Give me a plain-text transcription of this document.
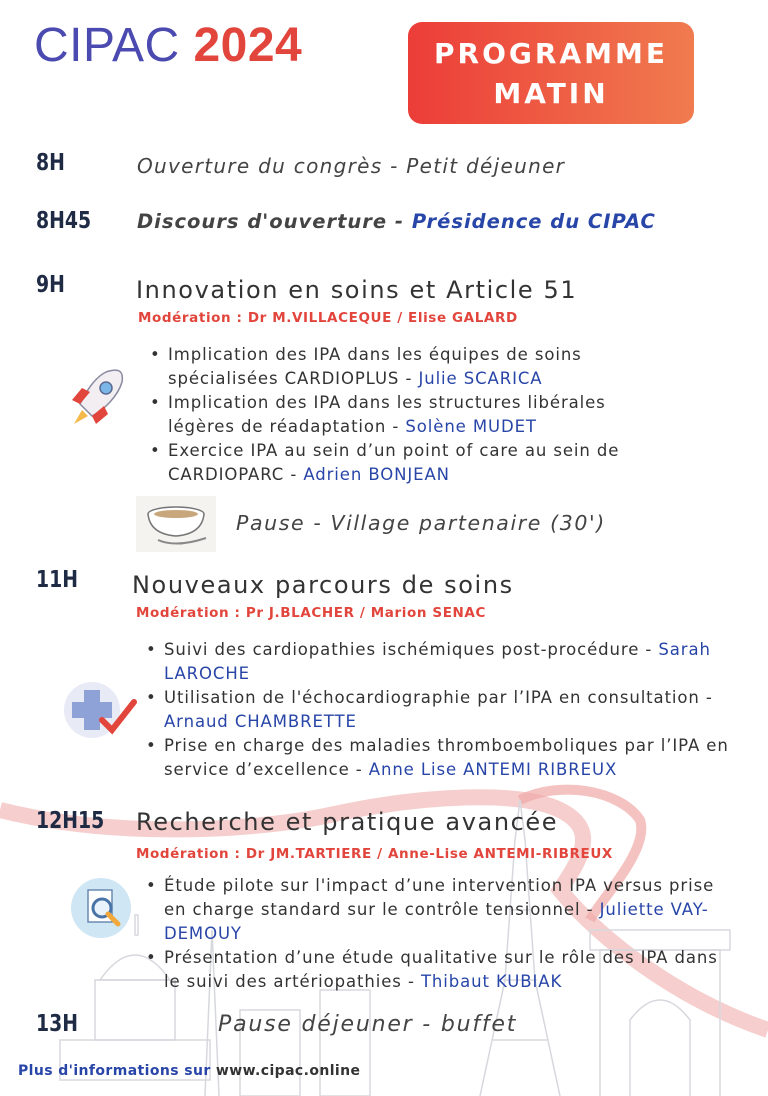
CIPAC 2024	PROGRAMME
MATIN
8H	Ouverture du congrès - Petit déjeuner
8H45 Discours d'ouverture - Présidence du CIPAC
9H	Innovation en soins et Article 51
Modération : Dr M.VILLACEQUE / Elise GALARD
• Implication des IPA dans les équipes de soins spécialisées CARDIOPLUS - Julie SCARICA
• Implication des IPA dans les structures libérales légères de réadaptation - Solène MUDET
• Exercice IPA au sein d’un point of care au sein de CARDIOPARC - Adrien BONJEAN
Pause - Village partenaire (30')
11H Nouveaux parcours de soins
Modération : Pr J.BLACHER / Marion SENAC
• Suivi des cardiopathies ischémiques post-procédure - Sarah LAROCHE
• Utilisation de l'échocardiographie par l’IPA en consultation - Arnaud CHAMBRETTE
• Prise en charge des maladies thromboemboliques par l’IPA en service d’excellence - Anne Lise ANTEMI RIBREUX
12H15 Recherche et pratique avancée
Modération : Dr JM.TARTIERE / Anne-Lise ANTEMI-RIBREUX
• Étude pilote sur l'impact d’une intervention IPA versus prise en charge standard sur le contrôle tensionnel - Juliette VAY-DEMOUY
• Présentation d’une étude qualitative sur le rôle des IPA dans le suivi des artériopathies - Thibaut KUBIAK
13H	Pause déjeuner - buffet
Plus d'informations sur www.cipac.online
